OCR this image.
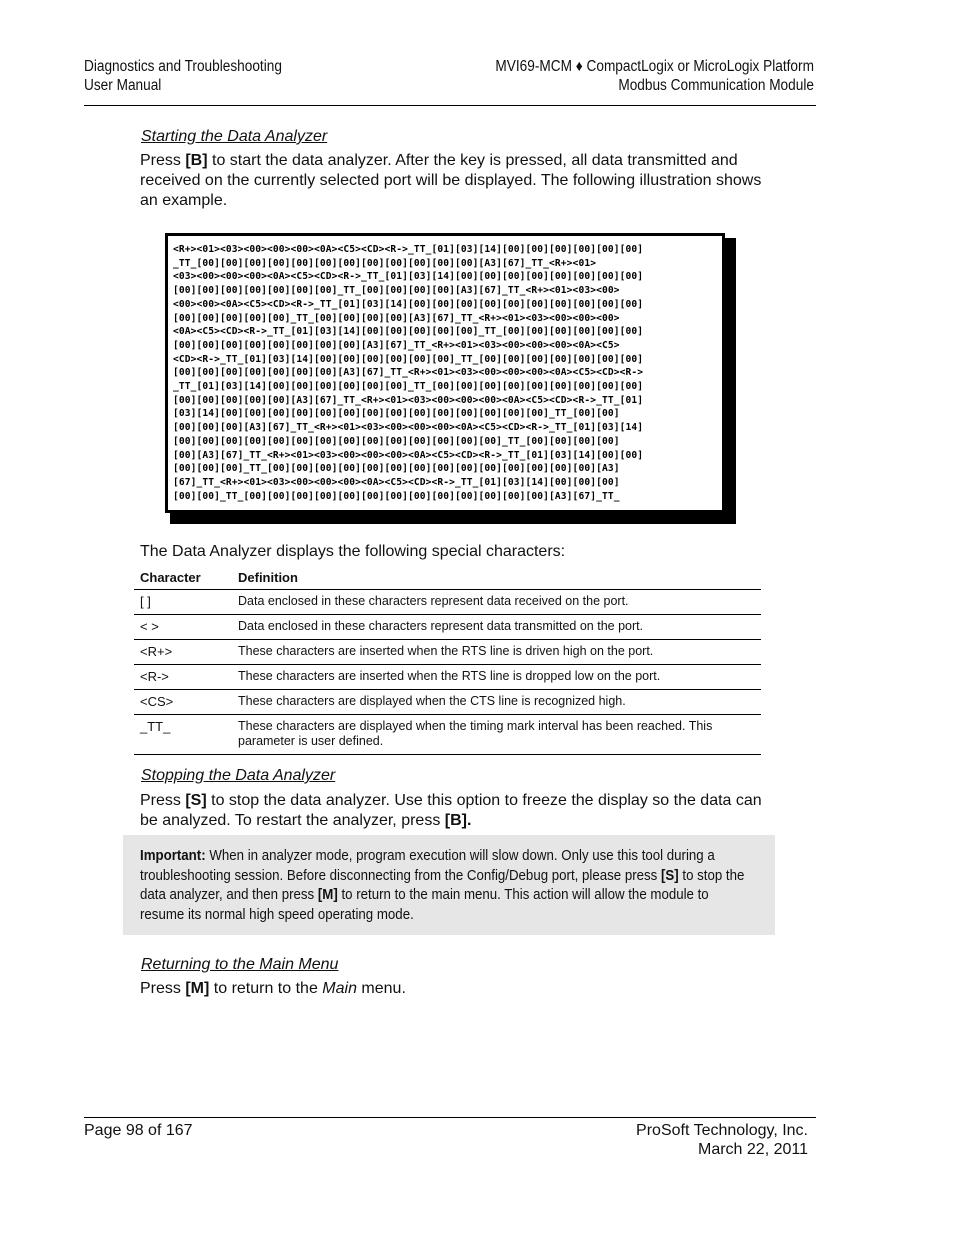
Diagnostics and Troubleshooting
User Manual
MVI69-MCM ♦ CompactLogix or MicroLogix Platform
Modbus Communication Module
Starting the Data Analyzer
Press [B] to start the data analyzer. After the key is pressed, all data transmitted and received on the currently selected port will be displayed. The following illustration shows an example.
<R+><01><03><00><00><00><0A><C5><CD><R->_TT_[01][03][14][00][00][00][00][00][00]
_TT_[00][00][00][00][00][00][00][00][00][00][00][00][A3][67]_TT_<R+><01>
<03><00><00><00><0A><C5><CD><R->_TT_[01][03][14][00][00][00][00][00][00][00][00]
[00][00][00][00][00][00][00]_TT_[00][00][00][00][A3][67]_TT_<R+><01><03><00>
<00><00><0A><C5><CD><R->_TT_[01][03][14][00][00][00][00][00][00][00][00][00][00]
[00][00][00][00][00]_TT_[00][00][00][00][A3][67]_TT_<R+><01><03><00><00><00>
<0A><C5><CD><R->_TT_[01][03][14][00][00][00][00][00]_TT_[00][00][00][00][00][00]
[00][00][00][00][00][00][00][00][A3][67]_TT_<R+><01><03><00><00><00><0A><C5>
<CD><R->_TT_[01][03][14][00][00][00][00][00][00]_TT_[00][00][00][00][00][00][00]
[00][00][00][00][00][00][00][A3][67]_TT_<R+><01><03><00><00><00><0A><C5><CD><R->
_TT_[01][03][14][00][00][00][00][00][00]_TT_[00][00][00][00][00][00][00][00][00]
[00][00][00][00][00][A3][67]_TT_<R+><01><03><00><00><00><0A><C5><CD><R->_TT_[01]
[03][14][00][00][00][00][00][00][00][00][00][00][00][00][00][00]_TT_[00][00]
[00][00][00][A3][67]_TT_<R+><01><03><00><00><00><0A><C5><CD><R->_TT_[01][03][14]
[00][00][00][00][00][00][00][00][00][00][00][00][00][00]_TT_[00][00][00][00]
[00][A3][67]_TT_<R+><01><03><00><00><00><0A><C5><CD><R->_TT_[01][03][14][00][00]
[00][00][00]_TT_[00][00][00][00][00][00][00][00][00][00][00][00][00][00][A3]
[67]_TT_<R+><01><03><00><00><00><0A><C5><CD><R->_TT_[01][03][14][00][00][00]
[00][00]_TT_[00][00][00][00][00][00][00][00][00][00][00][00][00][A3][67]_TT_
The Data Analyzer displays the following special characters:
Character	Definition
[ ]	Data enclosed in these characters represent data received on the port.
< >	Data enclosed in these characters represent data transmitted on the port.
<R+>	These characters are inserted when the RTS line is driven high on the port.
<R->	These characters are inserted when the RTS line is dropped low on the port.
<CS>	These characters are displayed when the CTS line is recognized high.
_TT_	These characters are displayed when the timing mark interval has been reached. This parameter is user defined.
Stopping the Data Analyzer
Press [S] to stop the data analyzer. Use this option to freeze the display so the data can be analyzed. To restart the analyzer, press [B].
Important: When in analyzer mode, program execution will slow down. Only use this tool during a troubleshooting session. Before disconnecting from the Config/Debug port, please press [S] to stop the data analyzer, and then press [M] to return to the main menu. This action will allow the module to resume its normal high speed operating mode.
Returning to the Main Menu
Press [M] to return to the Main menu.
Page 98 of 167	ProSoft Technology, Inc.
March 22, 2011
